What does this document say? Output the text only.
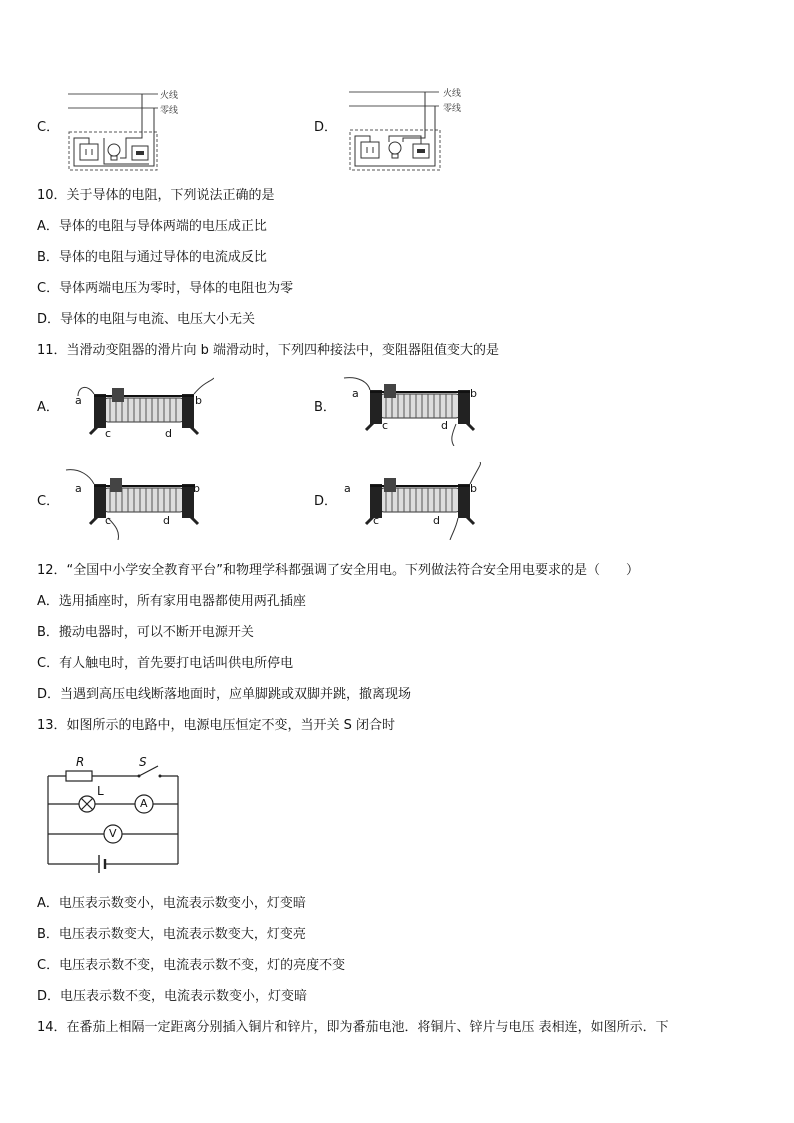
C．
火线
零线
D．
火线
零线
10．关于导体的电阻，下列说法正确的是
A．导体的电阻与导体两端的电压成正比
B．导体的电阻与通过导体的电流成反比
C．导体两端电压为零时，导体的电阻也为零
D．导体的电阻与电流、电压大小无关
11．当滑动变阻器的滑片向 b 端滑动时，下列四种接法中，变阻器阻值变大的是
A．	B．
C．	D．
a	b
c	d
a	b
c	d
a	b
c	d
a	b
c	d
12．“全国中小学安全教育平台”和物理学科都强调了安全用电。下列做法符合安全用电要求的是（　　）
A．选用插座时，所有家用电器都使用两孔插座
B．搬动电器时，可以不断开电源开关
C．有人触电时，首先要打电话叫供电所停电
D．当遇到高压电线断落地面时，应单脚跳或双脚并跳，撤离现场
13．如图所示的电路中，电源电压恒定不变，当开关 S 闭合时
R	S
L
A
V
A．电压表示数变小，电流表示数变小，灯变暗
B．电压表示数变大，电流表示数变大，灯变亮
C．电压表示数不变，电流表示数不变，灯的亮度不变
D．电压表示数不变，电流表示数变小，灯变暗
14．在番茄上相隔一定距离分别插入铜片和锌片，即为番茄电池．将铜片、锌片与电压 表相连，如图所示．下
